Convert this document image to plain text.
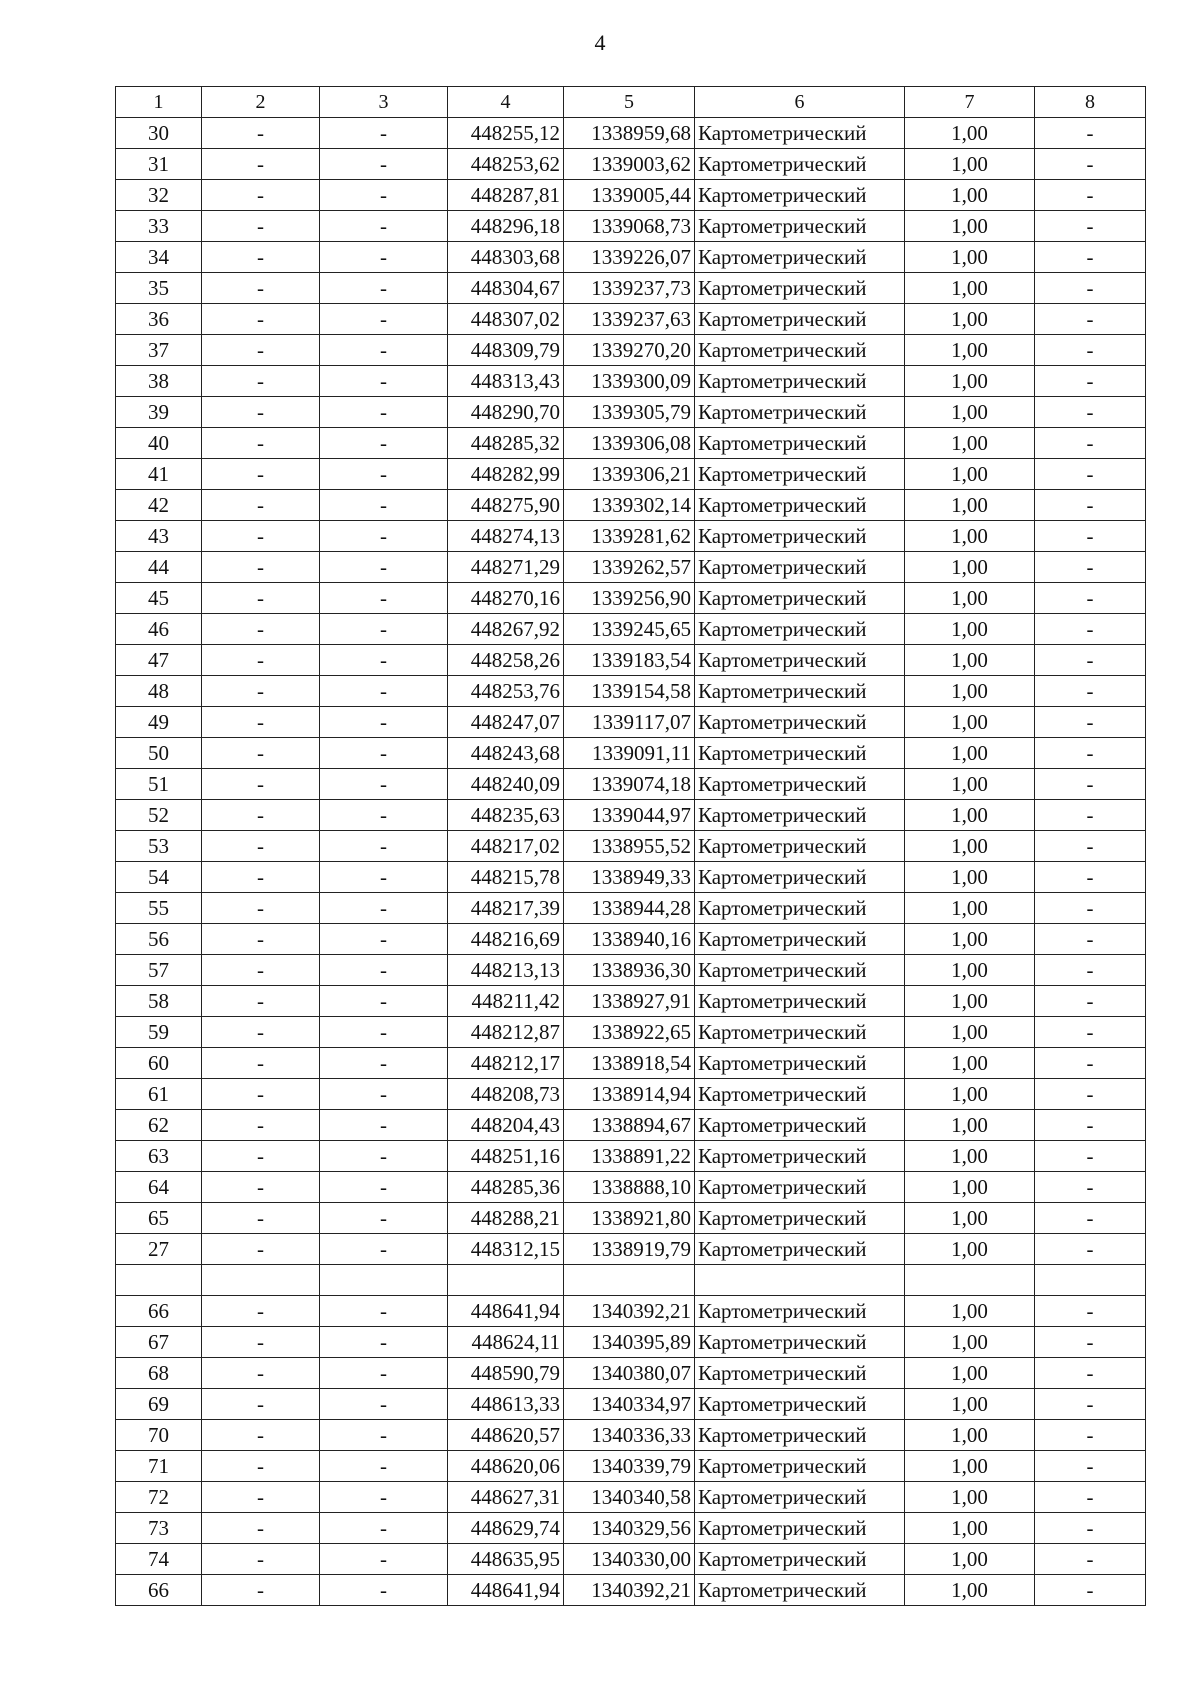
4
1	2	3	4	5	6	7	8
30	-	-	448255,12	1338959,68	Картометрический	1,00	-
31	-	-	448253,62	1339003,62	Картометрический	1,00	-
32	-	-	448287,81	1339005,44	Картометрический	1,00	-
33	-	-	448296,18	1339068,73	Картометрический	1,00	-
34	-	-	448303,68	1339226,07	Картометрический	1,00	-
35	-	-	448304,67	1339237,73	Картометрический	1,00	-
36	-	-	448307,02	1339237,63	Картометрический	1,00	-
37	-	-	448309,79	1339270,20	Картометрический	1,00	-
38	-	-	448313,43	1339300,09	Картометрический	1,00	-
39	-	-	448290,70	1339305,79	Картометрический	1,00	-
40	-	-	448285,32	1339306,08	Картометрический	1,00	-
41	-	-	448282,99	1339306,21	Картометрический	1,00	-
42	-	-	448275,90	1339302,14	Картометрический	1,00	-
43	-	-	448274,13	1339281,62	Картометрический	1,00	-
44	-	-	448271,29	1339262,57	Картометрический	1,00	-
45	-	-	448270,16	1339256,90	Картометрический	1,00	-
46	-	-	448267,92	1339245,65	Картометрический	1,00	-
47	-	-	448258,26	1339183,54	Картометрический	1,00	-
48	-	-	448253,76	1339154,58	Картометрический	1,00	-
49	-	-	448247,07	1339117,07	Картометрический	1,00	-
50	-	-	448243,68	1339091,11	Картометрический	1,00	-
51	-	-	448240,09	1339074,18	Картометрический	1,00	-
52	-	-	448235,63	1339044,97	Картометрический	1,00	-
53	-	-	448217,02	1338955,52	Картометрический	1,00	-
54	-	-	448215,78	1338949,33	Картометрический	1,00	-
55	-	-	448217,39	1338944,28	Картометрический	1,00	-
56	-	-	448216,69	1338940,16	Картометрический	1,00	-
57	-	-	448213,13	1338936,30	Картометрический	1,00	-
58	-	-	448211,42	1338927,91	Картометрический	1,00	-
59	-	-	448212,87	1338922,65	Картометрический	1,00	-
60	-	-	448212,17	1338918,54	Картометрический	1,00	-
61	-	-	448208,73	1338914,94	Картометрический	1,00	-
62	-	-	448204,43	1338894,67	Картометрический	1,00	-
63	-	-	448251,16	1338891,22	Картометрический	1,00	-
64	-	-	448285,36	1338888,10	Картометрический	1,00	-
65	-	-	448288,21	1338921,80	Картометрический	1,00	-
27	-	-	448312,15	1338919,79	Картометрический	1,00	-

66	-	-	448641,94	1340392,21	Картометрический	1,00	-
67	-	-	448624,11	1340395,89	Картометрический	1,00	-
68	-	-	448590,79	1340380,07	Картометрический	1,00	-
69	-	-	448613,33	1340334,97	Картометрический	1,00	-
70	-	-	448620,57	1340336,33	Картометрический	1,00	-
71	-	-	448620,06	1340339,79	Картометрический	1,00	-
72	-	-	448627,31	1340340,58	Картометрический	1,00	-
73	-	-	448629,74	1340329,56	Картометрический	1,00	-
74	-	-	448635,95	1340330,00	Картометрический	1,00	-
66	-	-	448641,94	1340392,21	Картометрический	1,00	-
